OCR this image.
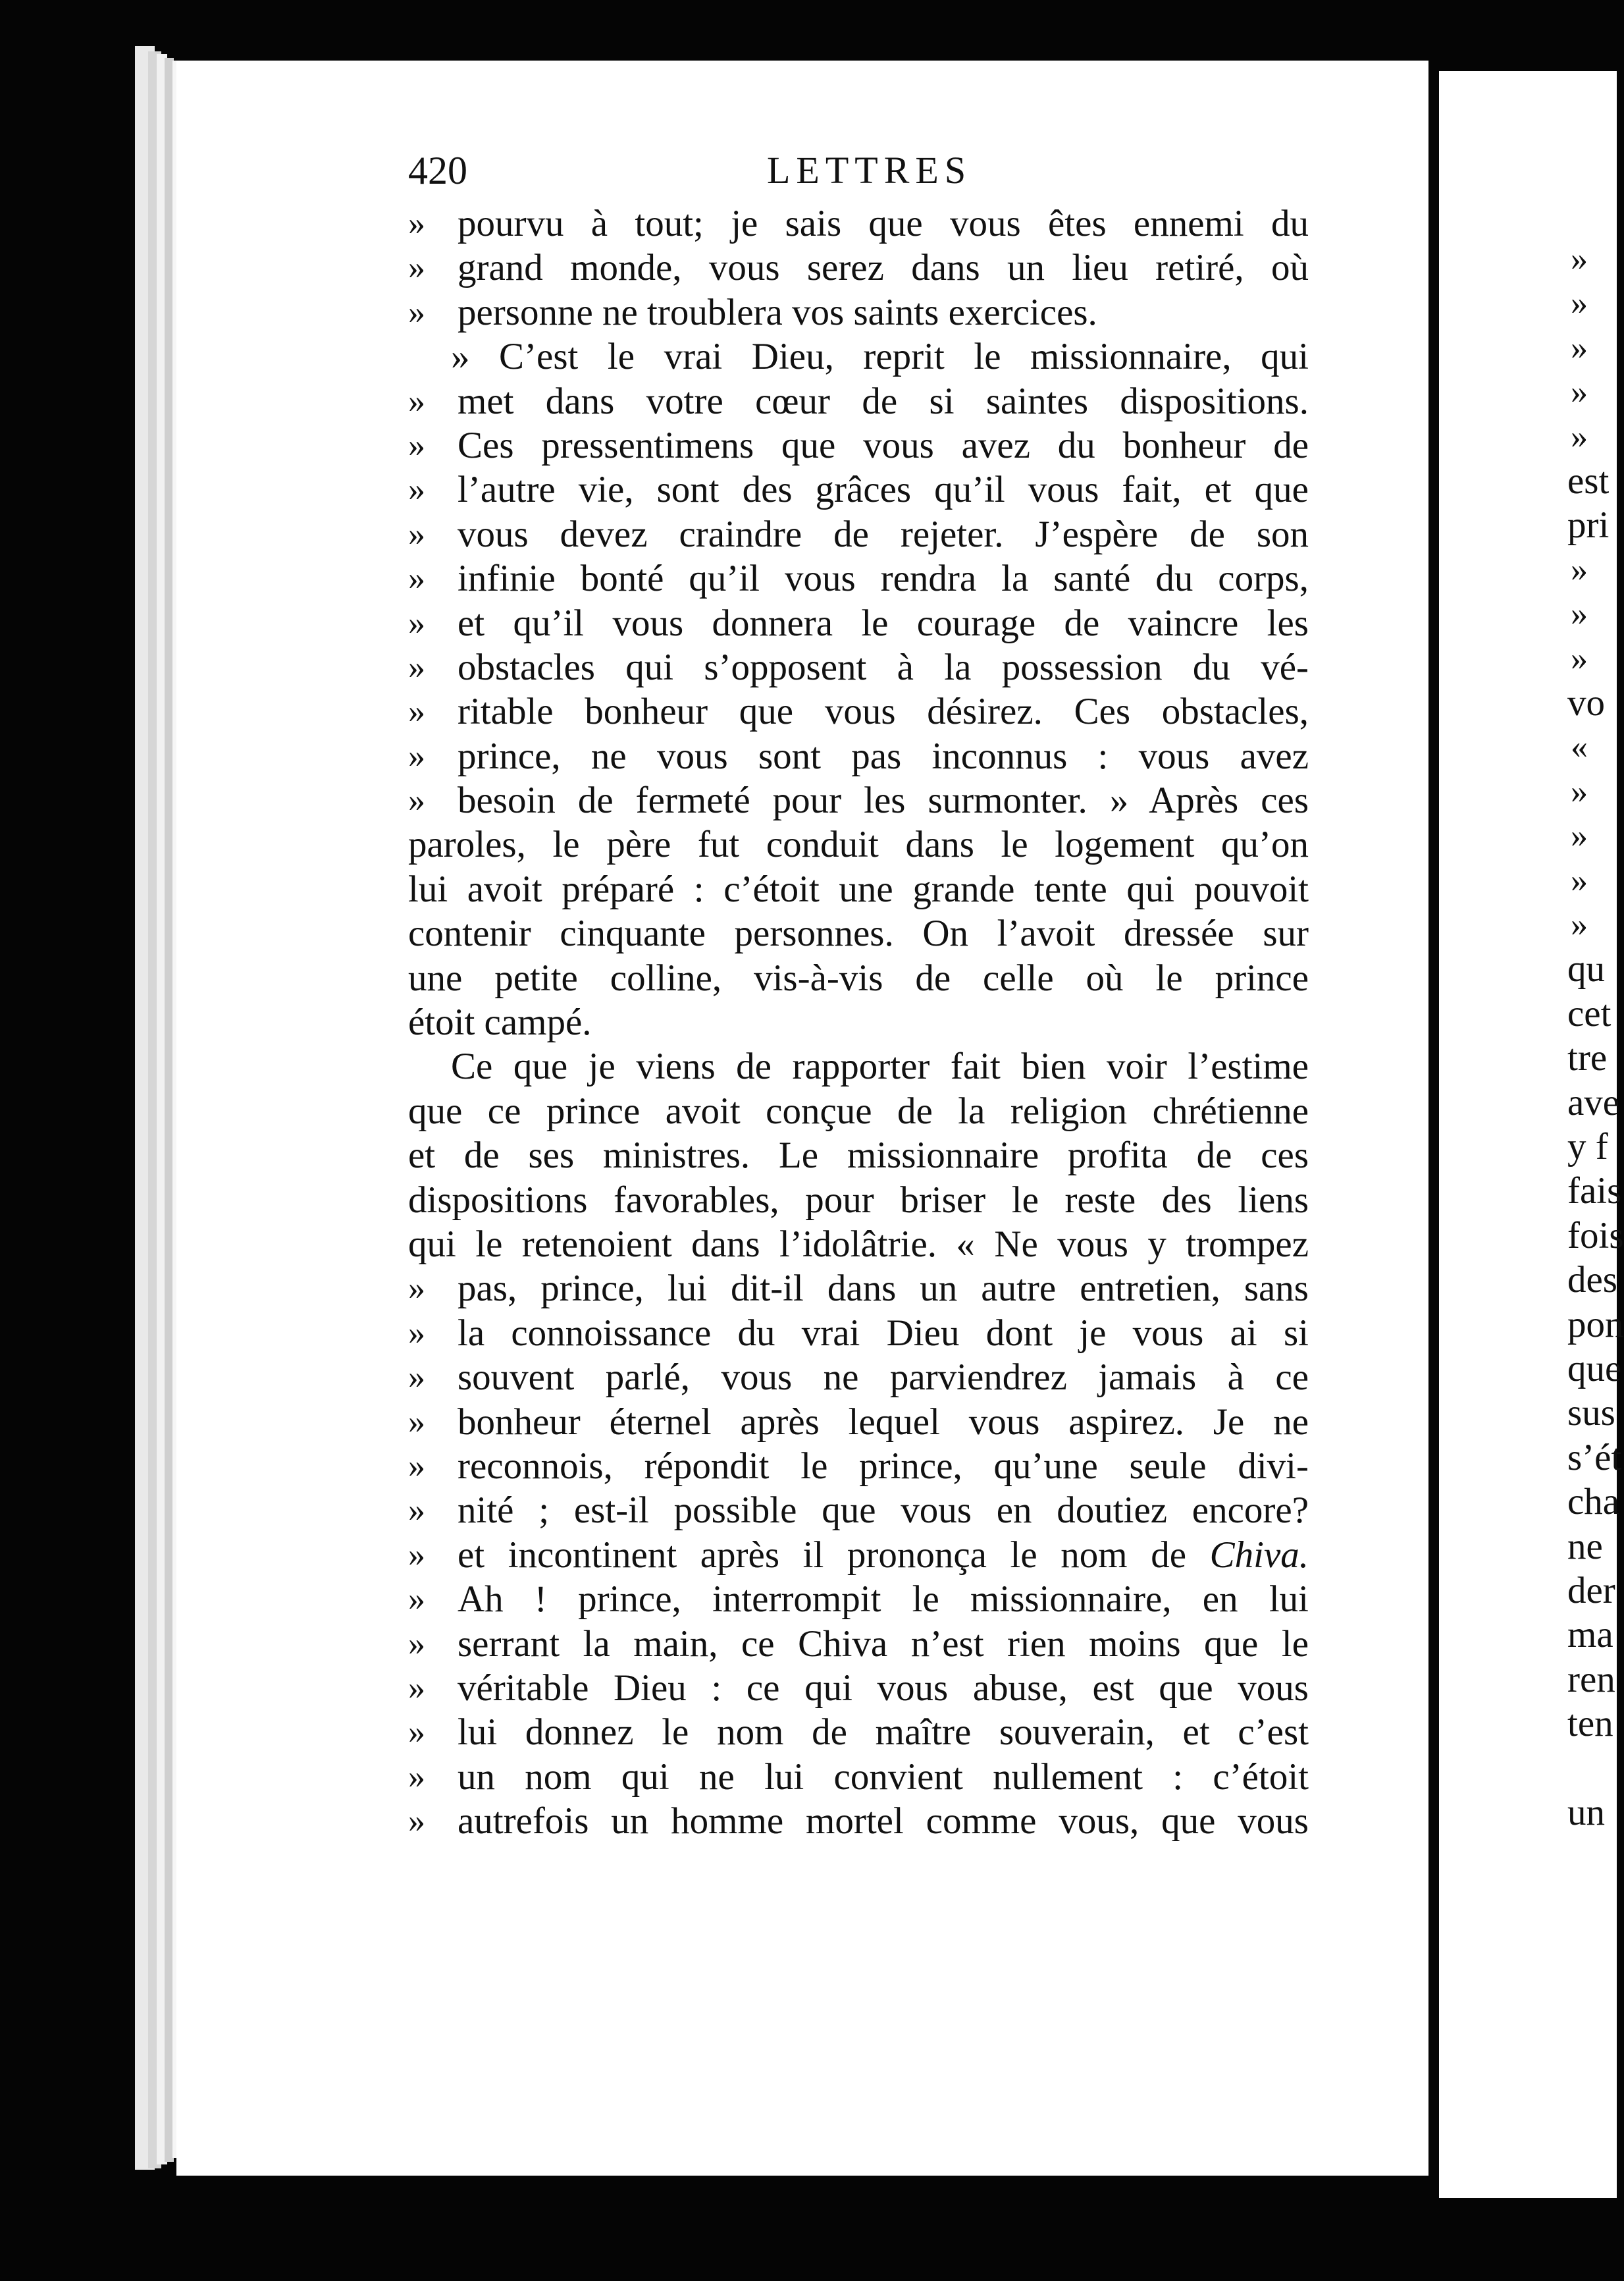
420	LETTRES
» pourvu à tout; je sais que vous êtes ennemi du
» grand monde, vous serez dans un lieu retiré, où
» personne ne troublera vos saints exercices.
» C’est le vrai Dieu, reprit le missionnaire, qui
» met dans votre cœur de si saintes dispositions.
» Ces pressentimens que vous avez du bonheur de
» l’autre vie, sont des grâces qu’il vous fait, et que
» vous devez craindre de rejeter. J’espère de son
» infinie bonté qu’il vous rendra la santé du corps,
» et qu’il vous donnera le courage de vaincre les
» obstacles qui s’opposent à la possession du vé-
» ritable bonheur que vous désirez. Ces obstacles,
» prince, ne vous sont pas inconnus : vous avez
» besoin de fermeté pour les surmonter. » Après ces
paroles, le père fut conduit dans le logement qu’on
lui avoit préparé : c’étoit une grande tente qui pouvoit
contenir cinquante personnes. On l’avoit dressée sur
une petite colline, vis-à-vis de celle où le prince
étoit campé.
Ce que je viens de rapporter fait bien voir l’estime
que ce prince avoit conçue de la religion chrétienne
et de ses ministres. Le missionnaire profita de ces
dispositions favorables, pour briser le reste des liens
qui le retenoient dans l’idolâtrie. « Ne vous y trompez
» pas, prince, lui dit-il dans un autre entretien, sans
» la connoissance du vrai Dieu dont je vous ai si
» souvent parlé, vous ne parviendrez jamais à ce
» bonheur éternel après lequel vous aspirez. Je ne
» reconnois, répondit le prince, qu’une seule divi-
» nité ; est-il possible que vous en doutiez encore?
» et incontinent après il prononça le nom de Chiva.
» Ah ! prince, interrompit le missionnaire, en lui
» serrant la main, ce Chiva n’est rien moins que le
» véritable Dieu : ce qui vous abuse, est que vous
» lui donnez le nom de maître souverain, et c’est
» un nom qui ne lui convient nullement : c’étoit
» autrefois un homme mortel comme vous, que vous
»
»
»
»
»
est
pri
»
»
»
vo
«
»
»
»
»
qu
cet
tre
ave
y f
fais
fois
des
pon
que
sus
s’ét
cha
ne
der
ma
ren
ten
un
